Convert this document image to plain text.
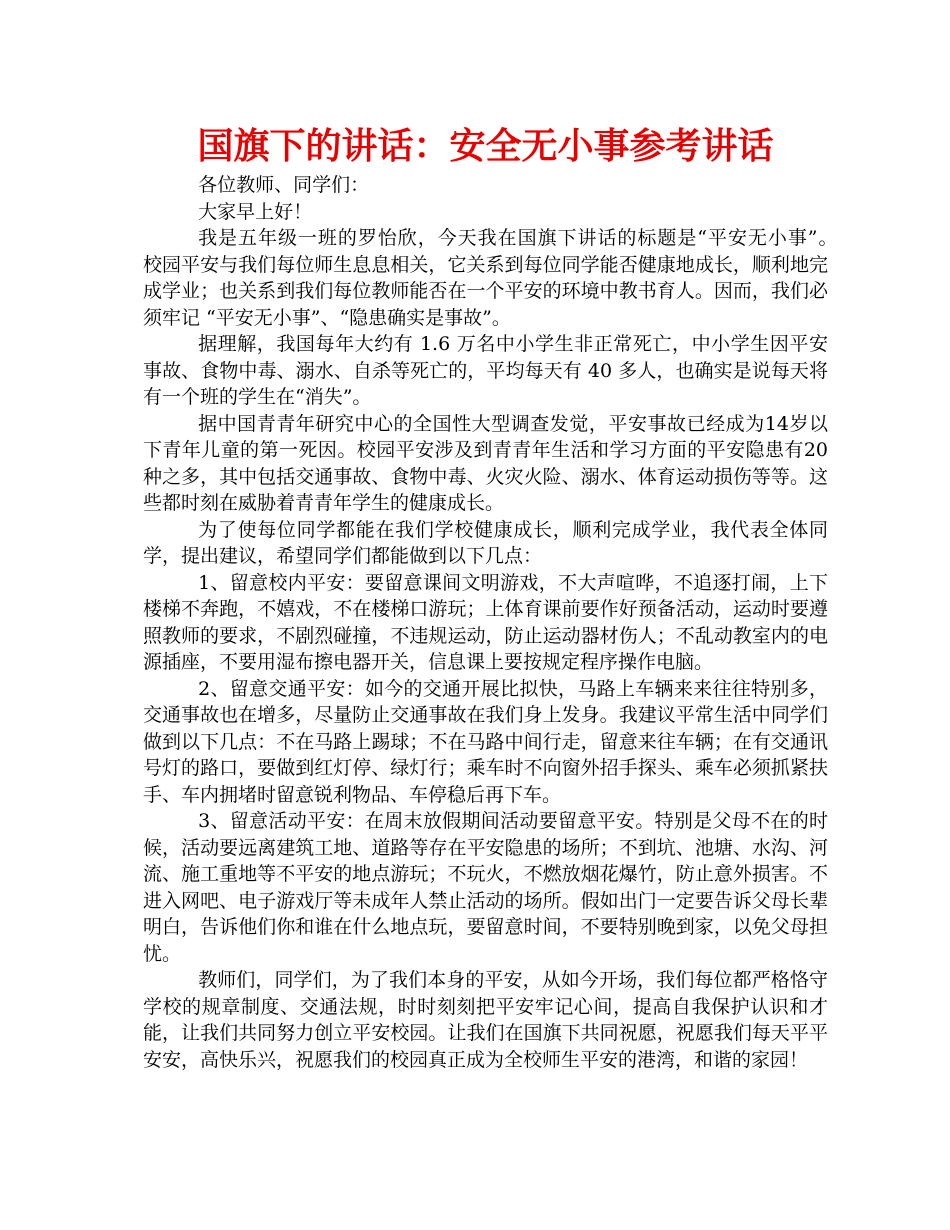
国旗下的讲话：安全无小事参考讲话

各位教师、同学们：

大家早上好！

我是五年级一班的罗怡欣，今天我在国旗下讲话的标题是“平安无小事”。　　校园平安与我们每位师生息息相关，它关系到每位同学能否健康地成长，顺利地完成学业；也关系到我们每位教师能否在一个平安的环境中教书育人。因而，我们必须牢记 “平安无小事”、“隐患确实是事故”。

据理解，我国每年大约有 1.6 万名中小学生非正常死亡，中小学生因平安事故、食物中毒、溺水、自杀等死亡的，平均每天有 40 多人，也确实是说每天将有一个班的学生在“消失”。

据中国青青年研究中心的全国性大型调查发觉，平安事故已经成为14岁以下青年儿童的第一死因。校园平安涉及到青青年生活和学习方面的平安隐患有20种之多，其中包括交通事故、食物中毒、火灾火险、溺水、体育运动损伤等等。这些都时刻在威胁着青青年学生的健康成长。

为了使每位同学都能在我们学校健康成长，顺利完成学业，我代表全体同学，提出建议，希望同学们都能做到以下几点：

1、留意校内平安：要留意课间文明游戏，不大声喧哗，不追逐打闹，上下楼梯不奔跑，不嬉戏，不在楼梯口游玩；上体育课前要作好预备活动，运动时要遵照教师的要求，不剧烈碰撞，不违规运动，防止运动器材伤人；不乱动教室内的电源插座，不要用湿布擦电器开关，信息课上要按规定程序操作电脑。

2、留意交通平安：如今的交通开展比拟快，马路上车辆来来往往特别多，交通事故也在增多，尽量防止交通事故在我们身上发身。我建议平常生活中同学们做到以下几点：不在马路上踢球；不在马路中间行走，留意来往车辆；在有交通讯号灯的路口，要做到红灯停、绿灯行；乘车时不向窗外招手探头、乘车必须抓紧扶手、车内拥堵时留意锐利物品、车停稳后再下车。

3、留意活动平安：在周末放假期间活动要留意平安。特别是父母不在的时候，活动要远离建筑工地、道路等存在平安隐患的场所；不到坑、池塘、水沟、河流、施工重地等不平安的地点游玩；不玩火，不燃放烟花爆竹，防止意外损害。不进入网吧、电子游戏厅等未成年人禁止活动的场所。假如出门一定要告诉父母长辈明白，告诉他们你和谁在什么地点玩，要留意时间，不要特别晚到家，以免父母担忧。

教师们，同学们，为了我们本身的平安，从如今开场，我们每位都严格恪守学校的规章制度、交通法规，时时刻刻把平安牢记心间，提高自我保护认识和才能，让我们共同努力创立平安校园。让我们在国旗下共同祝愿，祝愿我们每天平平安安，高快乐兴，祝愿我们的校园真正成为全校师生平安的港湾，和谐的家园！
